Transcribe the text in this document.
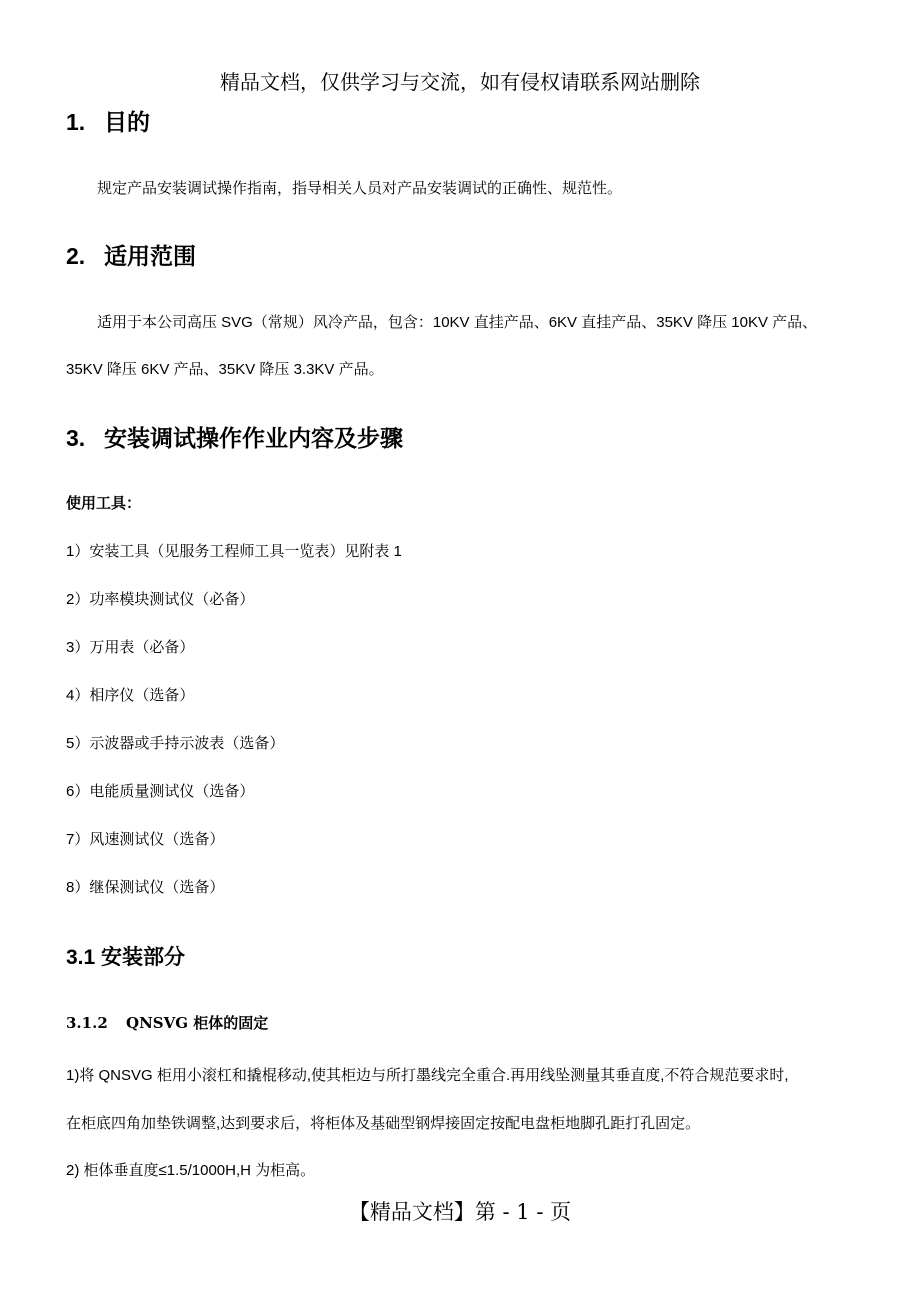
精品文档，仅供学习与交流，如有侵权请联系网站删除
1. 目的
规定产品安装调试操作指南，指导相关人员对产品安装调试的正确性、规范性。
2. 适用范围
适用于本公司高压 SVG（常规）风冷产品，包含：10KV 直挂产品、6KV 直挂产品、35KV 降压 10KV 产品、
35KV 降压 6KV 产品、35KV 降压 3.3KV 产品。
3. 安装调试操作作业内容及步骤
使用工具：
1）安装工具（见服务工程师工具一览表）见附表 1
2）功率模块测试仪（必备）
3）万用表（必备）
4）相序仪（选备）
5）示波器或手持示波表（选备）
6）电能质量测试仪（选备）
7）风速测试仪（选备）
8）继保测试仪（选备）
3.1 安装部分
3.1.2 QNSVG 柜体的固定
1)将 QNSVG 柜用小滚杠和撬棍移动,使其柜边与所打墨线完全重合.再用线坠测量其垂直度,不符合规范要求时,
在柜底四角加垫铁调整,达到要求后，将柜体及基础型钢焊接固定按配电盘柜地脚孔距打孔固定。
2) 柜体垂直度≤1.5/1000H,H 为柜高。
【精品文档】第 - 1 - 页
